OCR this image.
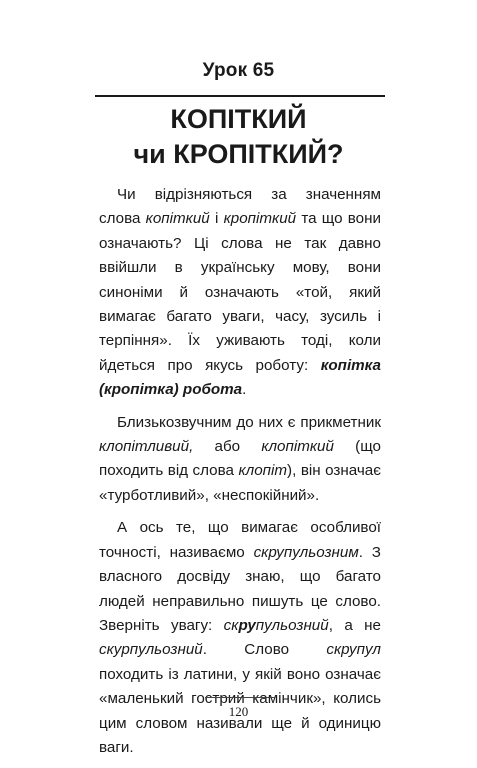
Урок 65
КОПІТКИЙ
чи КРОПІТКИЙ?

Чи відрізняються за значенням слова копіткий і кропіткий та що вони означають? Ці слова не так давно ввійшли в українську мову, вони синоніми й означають «той, який вимагає багато уваги, часу, зусиль і терпіння». Їх уживають тоді, коли йдеться про якусь роботу: копітка (кропітка) робота.

Близькозвучним до них є прикметник клопітливий, або клопіткий (що походить від слова клопіт), він означає «турботливий», «неспокійний».

А ось те, що вимагає особливої точності, називаємо скрупульозним. З власного досвіду знаю, що багато людей неправильно пишуть це слово. Зверніть увагу: скрупульозний, а не скурпульозний. Слово скрупул походить із латини, у якій воно означає «маленький гострий камінчик», колись цим словом називали ще й одиницю ваги.

120
